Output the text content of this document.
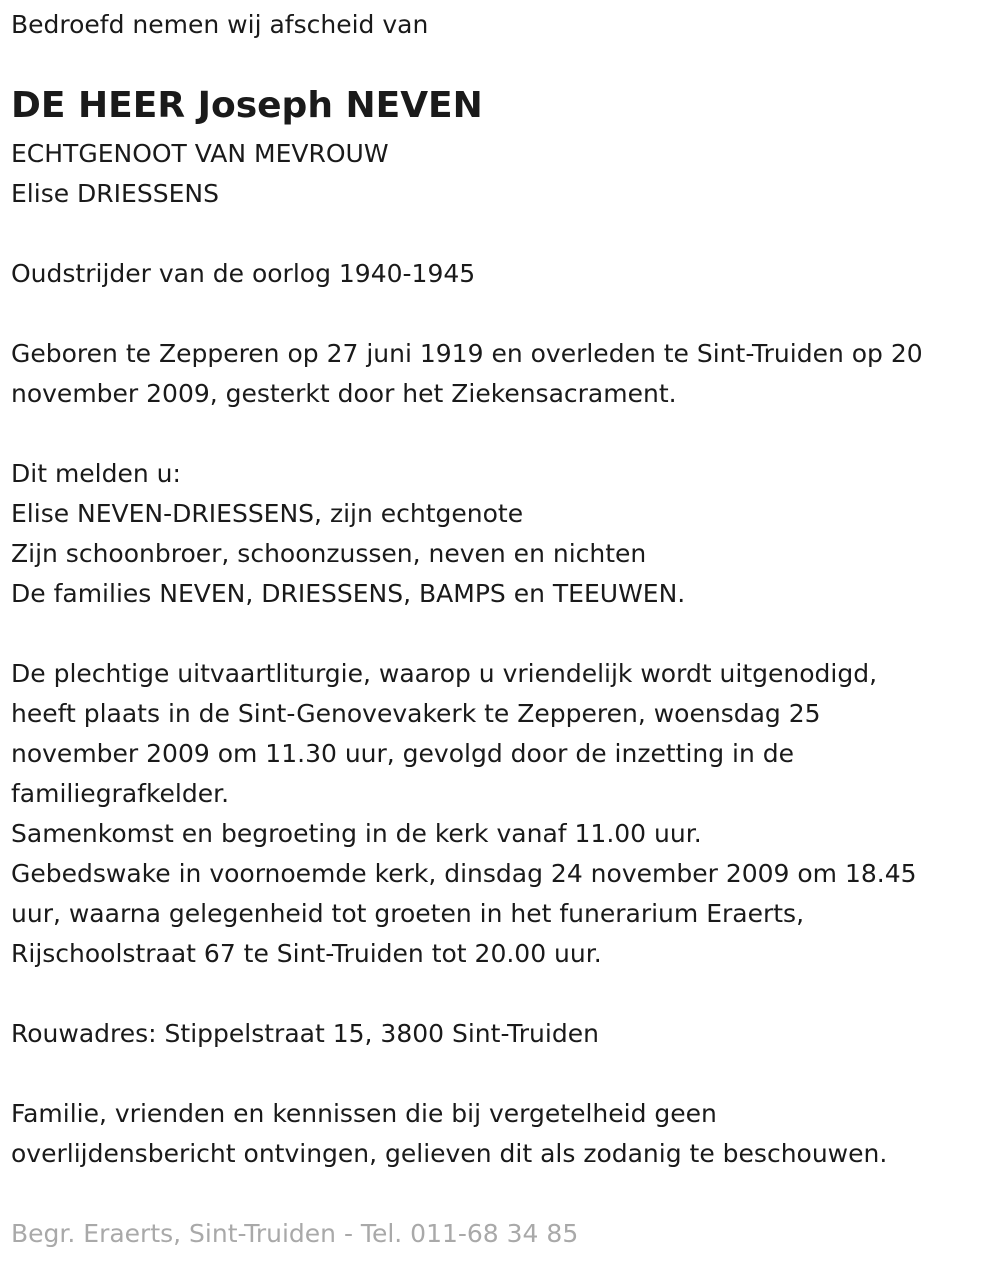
Bedroefd nemen wij afscheid van

DE HEER Joseph NEVEN

ECHTGENOOT VAN MEVROUW

Elise DRIESSENS

Oudstrijder van de oorlog 1940-1945

Geboren te Zepperen op 27 juni 1919 en overleden te Sint-Truiden op 20

november 2009, gesterkt door het Ziekensacrament.

Dit melden u:

Elise NEVEN-DRIESSENS, zijn echtgenote

Zijn schoonbroer, schoonzussen, neven en nichten

De families NEVEN, DRIESSENS, BAMPS en TEEUWEN.

De plechtige uitvaartliturgie, waarop u vriendelijk wordt uitgenodigd,

heeft plaats in de Sint-Genovevakerk te Zepperen, woensdag 25

november 2009 om 11.30 uur, gevolgd door de inzetting in de

familiegrafkelder.

Samenkomst en begroeting in de kerk vanaf 11.00 uur.

Gebedswake in voornoemde kerk, dinsdag 24 november 2009 om 18.45

uur, waarna gelegenheid tot groeten in het funerarium Eraerts,

Rijschoolstraat 67 te Sint-Truiden tot 20.00 uur.

Rouwadres: Stippelstraat 15, 3800 Sint-Truiden

Familie, vrienden en kennissen die bij vergetelheid geen

overlijdensbericht ontvingen, gelieven dit als zodanig te beschouwen.

Begr. Eraerts, Sint-Truiden - Tel. 011-68 34 85
